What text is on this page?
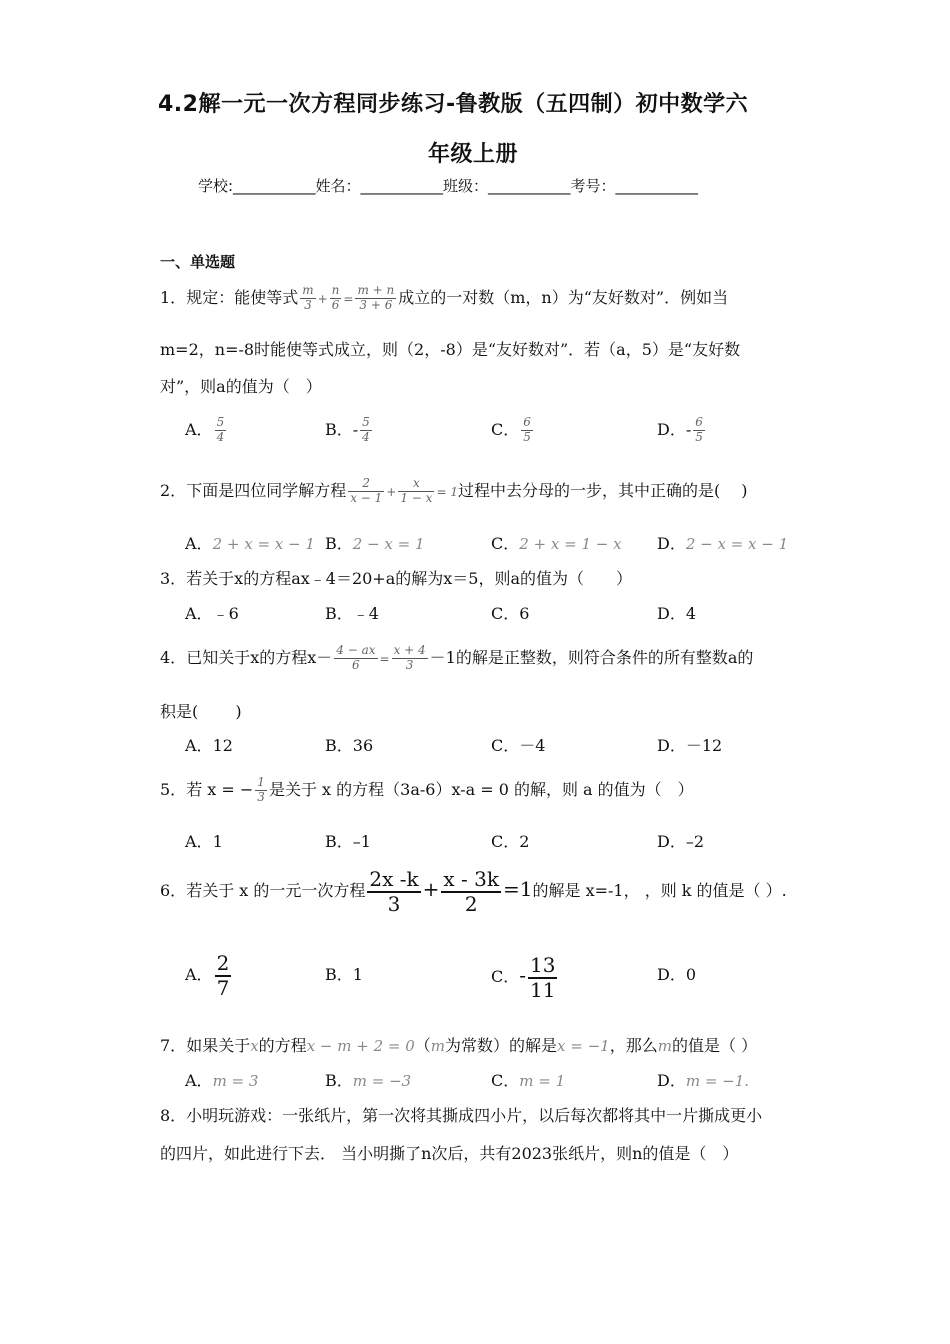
4.2解一元一次方程同步练习-鲁教版（五四制）初中数学六
年级上册
学校:___________姓名：___________班级：___________考号：___________
一、单选题
1．规定：能使等式 $\frac{m}{3} + \frac{n}{6} = \frac{m + n}{3 + 6}$ 成立的一对数（m，n）为“友好数对”．例如当
m=2，n=-8时能使等式成立，则（2，-8）是“友好数对”．若（a，5）是“友好数
对”，则a的值为（　）
A． $\frac{5}{4}$	B．- $\frac{5}{4}$	C． $\frac{6}{5}$	D．- $\frac{6}{5}$
2．下面是四位同学解方程 $\frac{2}{x - 1} + \frac{x}{1 - x} = 1$过程中去分母的一步，其中正确的是(　 )
A．2 + x = x − 1 B．2 − x = 1	C．2 + x = 1 − x D．2 − x = x − 1
3．若关于x的方程ax﹣4＝20+a的解为x＝5，则a的值为（　　）
A．﹣6	B．﹣4	C．6	D．4
4．已知关于x的方程$x- \frac{4 - ax}{6} = \frac{x + 4}{3} -1$的解是正整数，则符合条件的所有整数a的
积是(　　 )
A．12	B．36	C．－4	D．－12
5．若 x = − $\frac{1}{3}$ 是关于 x 的方程（3a-6）x-a = 0 的解，则 a 的值为（　）
A．1	B．–1	C．2	D．–2
6．若关于 x 的一元一次方程 $\frac{2x -k}{3} + \frac{x - 3k}{2} =1$的解是 x=-1， ，则 k 的值是（ ）.
A． $\frac{2}{7}$	B．1	C．- $\frac{13}{11}$	D．0
7．如果关于x的方程x − m + 2 = 0（m为常数）的解是x = −1，那么m的值是（ ）
A．m = 3	B．m = −3	C．m = 1	D．m = −1.
8．小明玩游戏：一张纸片，第一次将其撕成四小片，以后每次都将其中一片撕成更小
的四片，如此进行下去． 当小明撕了n次后，共有2023张纸片，则n的值是（　）
